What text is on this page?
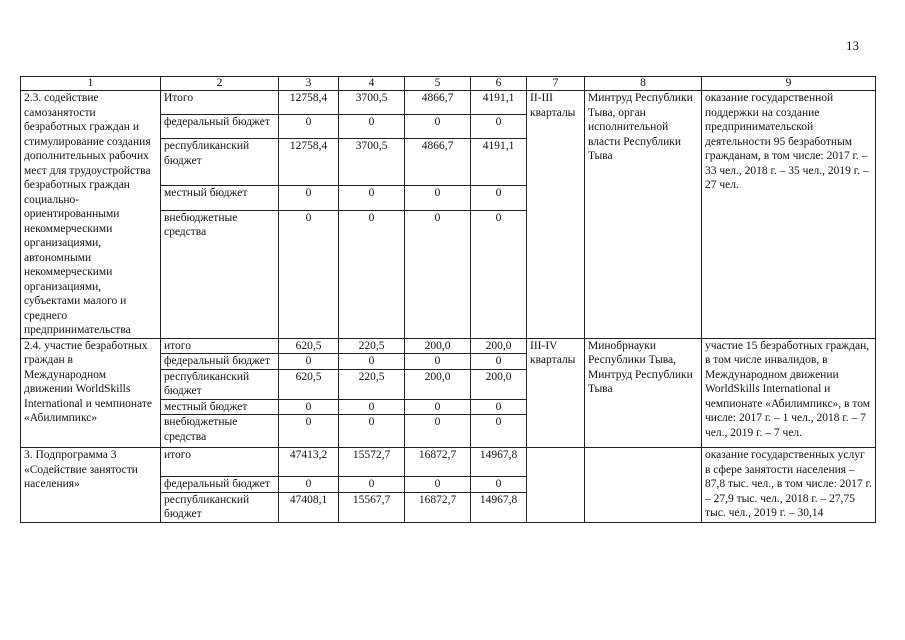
13
1	2	3	4	5	6	7	8	9
2.3. содействие самозанятости безработных граждан и стимулирование создания дополнительных рабочих мест для трудоустройства безработных граждан социально-ориентированными некоммерческими организациями, автономными некоммерческими организациями, субъектами малого и среднего предпринимательства	Итого	12758,4	3700,5	4866,7	4191,1	II-III кварталы	Минтруд Республики Тыва, орган исполнительной власти Республики Тыва	оказание государственной поддержки на создание предпринимательской деятельности 95 безработным гражданам, в том числе: 2017 г. – 33 чел., 2018 г. – 35 чел., 2019 г. – 27 чел.
	федеральный бюджет	0	0	0	0			
	республиканский бюджет	12758,4	3700,5	4866,7	4191,1			
	местный бюджет	0	0	0	0			
	внебюджетные средства	0	0	0	0			
2.4. участие безработных граждан в Международном движении WorldSkills International и чемпионате «Абилимпикс»	итого	620,5	220,5	200,0	200,0	III-IV кварталы	Минобрнауки Республики Тыва, Минтруд Республики Тыва	участие 15 безработных граждан, в том числе инвалидов, в Международном движении WorldSkills International и чемпионате «Абилимпикс», в том числе: 2017 г. – 1 чел., 2018 г. – 7 чел., 2019 г. – 7 чел.
	федеральный бюджет	0	0	0	0			
	республиканский бюджет	620,5	220,5	200,0	200,0			
	местный бюджет	0	0	0	0			
	внебюджетные средства	0	0	0	0			
3. Подпрограмма 3 «Содействие занятости населения»	итого	47413,2	15572,7	16872,7	14967,8			оказание государственных услуг в сфере занятости населения – 87,8 тыс. чел., в том числе: 2017 г. – 27,9 тыс. чел., 2018 г. – 27,75 тыс. чел., 2019 г. – 30,14
	федеральный бюджет	0	0	0	0			
	республиканский бюджет	47408,1	15567,7	16872,7	14967,8			
